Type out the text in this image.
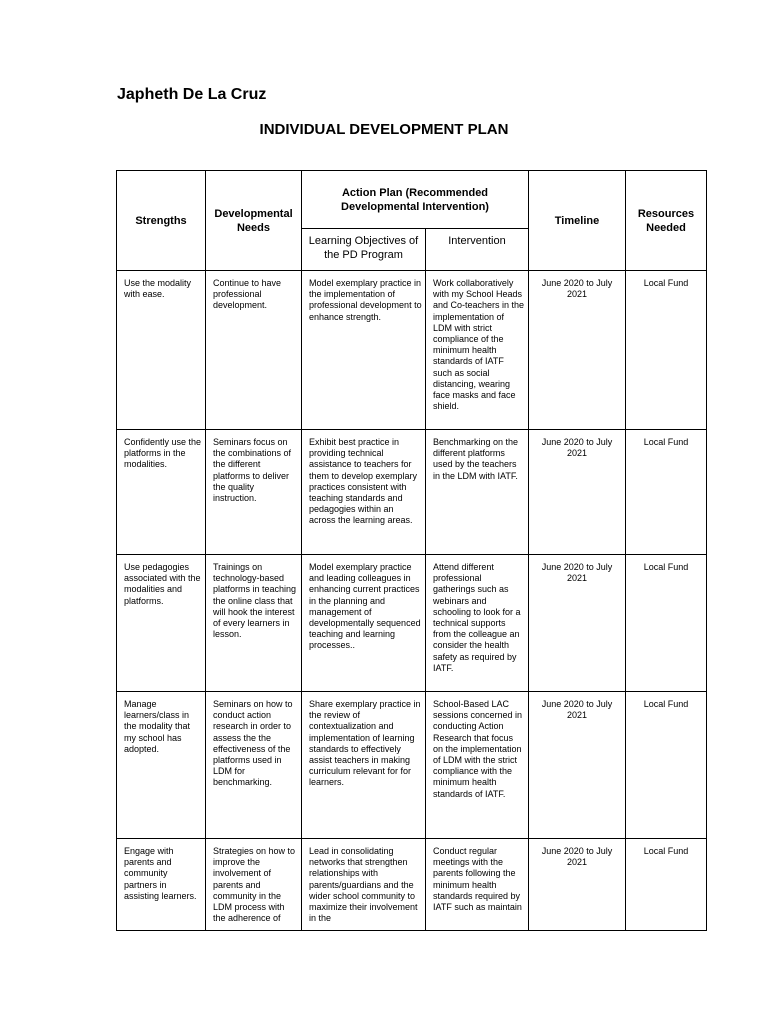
Japheth De La Cruz
INDIVIDUAL DEVELOPMENT PLAN
Strengths	Developmental Needs	Action Plan (Recommended Developmental Intervention)		Timeline	Resources Needed

		Learning Objectives of the PD Program	Intervention		

Use the modality with ease.	Continue to have professional development.	Model exemplary practice in the implementation of professional development to enhance strength.	Work collaboratively with my School Heads and Co-teachers in the implementation of LDM with strict compliance of the minimum health standards of IATF such as social distancing, wearing face masks and face shield.	June 2020 to July 2021	Local Fund

Confidently use the platforms in the modalities.	Seminars focus on the combinations of the different platforms to deliver the quality instruction.	Exhibit best practice in providing technical assistance to teachers for them to develop exemplary practices consistent with teaching standards and pedagogies within an across the learning areas.	Benchmarking on the different platforms used by the teachers in the LDM with IATF.	June 2020 to July 2021	Local Fund

Use pedagogies associated with the modalities and platforms.	Trainings on technology-based platforms in teaching the online class that will hook the interest of every learners in lesson.	Model exemplary practice and leading colleagues in enhancing current practices in the planning and management of developmentally sequenced teaching and learning processes..	Attend different professional gatherings such as webinars and schooling to look for a technical supports from the colleague an consider the health safety as required by IATF.	June 2020 to July 2021	Local Fund

Manage learners/class in the modality that my school has adopted.	Seminars on how to conduct action research in order to assess the the effectiveness of the platforms used in LDM for benchmarking.	Share exemplary practice in the review of contextualization and implementation of learning standards to effectively assist teachers in making curriculum relevant for for learners.	School-Based LAC sessions concerned in conducting Action Research that focus on the implementation of LDM with the strict compliance with the minimum health standards of IATF.	June 2020 to July 2021	Local Fund

Engage with parents and community partners in assisting learners.	Strategies on how to improve the involvement of parents and community in the LDM process with the adherence of	Lead in consolidating networks that strengthen relationships with parents/guardians and the wider school community to maximize their involvement in the	Conduct regular meetings with the parents following the minimum health standards required by IATF such as maintain	June 2020 to July 2021	Local Fund
